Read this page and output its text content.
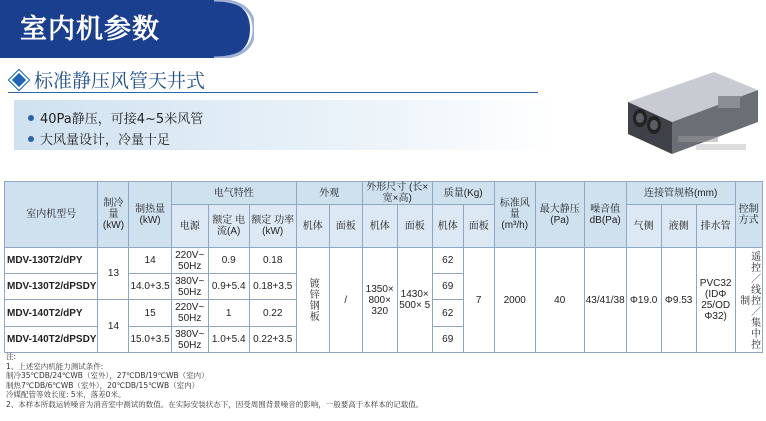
室内机参数
标准静压风管天井式
40Pa静压，可接4~5米风管
大风量设计，冷量十足
室内机型号	制冷量 (kW)	制热量 (kW)	电气特性			外观		外形尺寸 (长×宽×高)		质量(Kg)		标准风量 (m³/h)	最大静压 (Pa)	噪音值 dB(Pa)	连接管规格(mm)			控制方式
			电源	额定 电流(A)	额定 功率(kW)	机体	面板	机体	面板	机体	面板				气侧	液侧	排水管	
MDV-130T2/dPY	13	14	220V~ 50Hz	0.9	0.18	镀锌钢板	/	1350× 800× 320	1430× 500× 5	62	7	2000	40	43/41/38	Φ19.0	Φ9.53	PVC32 (IDΦ 25/OD Φ32)	遥控／线控／集中控制

MDV-130T2/dPSDY		14.0+3.5	380V~ 50Hz	0.9+5.4	0.18+3.5					69								
MDV-140T2/dPY	14	15	220V~ 50Hz	1	0.22					62								
MDV-140T2/dPSDY		15.0+3.5	380V~ 50Hz	1.0+5.4	0.22+3.5					69								
注:
1、上述室内机能力测试条件:
制冷35℃DB/24℃WB（室外），27℃DB/19℃WB（室内）
制热7℃DB/6℃WB（室外），20℃DB/15℃WB（室内）
冷媒配管等效长度: 5米，落差0米。
2、本样本所载运转噪音为消音室中测试的数值。在实际安装状态下，因受周围背景噪音的影响，一般要高于本样本的记载值。
